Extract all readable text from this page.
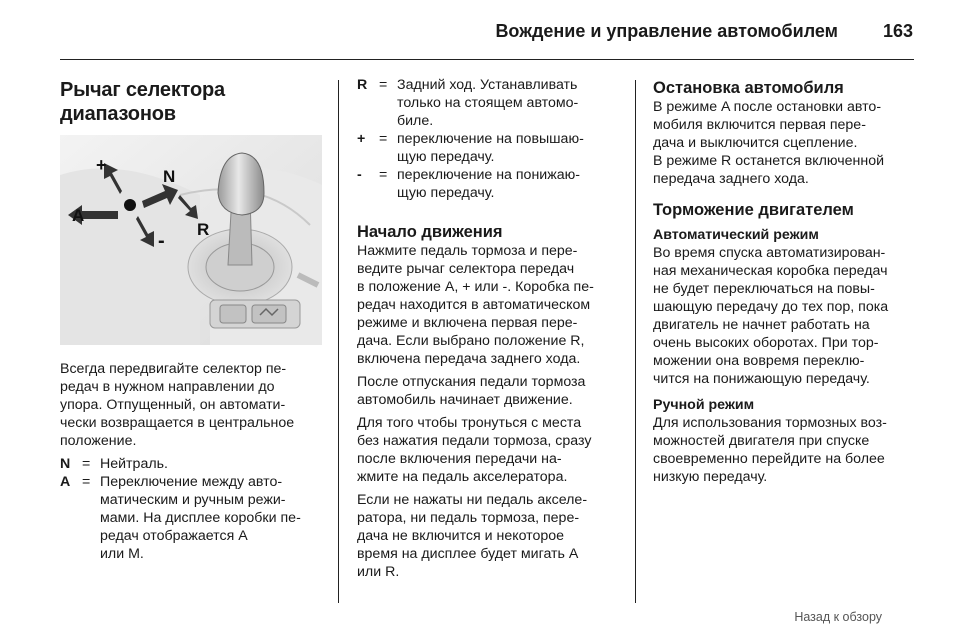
Вождение и управление автомобилем 163
Рычаг селектора
диапазонов
+
N
A
-
R

Всегда передвигайте селектор пе-
редач в нужном направлении до
упора. Отпущенный, он автомати-
чески возвращается в центральное
положение.

N = Нейтраль.
A = Переключение между авто-
матическим и ручным режи-
мами. На дисплее коробки пе-
редач отображается A
или M.
R = Задний ход. Устанавливать
только на стоящем автомо-
биле.
+ = переключение на повышаю-
щую передачу.
-	= переключение на понижаю-
щую передачу.
Начало движения

Нажмите педаль тормоза и пере-
ведите рычаг селектора передач
в положение A, + или -. Коробка пе-
редач находится в автоматическом
режиме и включена первая пере-
дача. Если выбрано положение R,
включена передача заднего хода.

После отпускания педали тормоза
автомобиль начинает движение.

Для того чтобы тронуться с места
без нажатия педали тормоза, сразу
после включения передачи на-
жмите на педаль акселератора.

Если не нажаты ни педаль акселе-
ратора, ни педаль тормоза, пере-
дача не включится и некоторое
время на дисплее будет мигать A
или R.

Остановка автомобиля

В режиме A после остановки авто-
мобиля включится первая пере-
дача и выключится сцепление.
В режиме R останется включенной
передача заднего хода.

Торможение двигателем
Автоматический режим

Во время спуска автоматизирован-
ная механическая коробка передач
не будет переключаться на повы-
шающую передачу до тех пор, пока
двигатель не начнет работать на
очень высоких оборотах. При тор-
можении она вовремя переклю-
чится на понижающую передачу.

Ручной режим

Для использования тормозных воз-
можностей двигателя при спуске
своевременно перейдите на более
низкую передачу.

Назад к обзору
